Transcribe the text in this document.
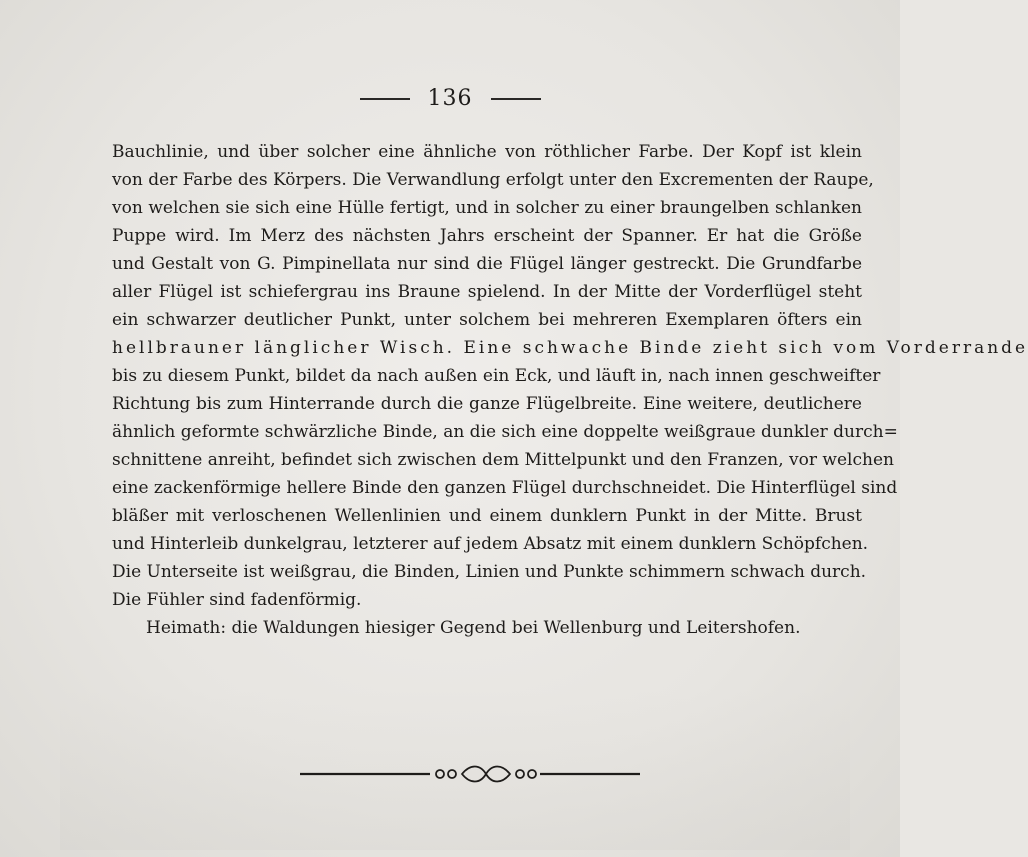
136
Bauchlinie, und über solcher eine ähnliche von röthlicher Farbe. Der Kopf ist klein
von der Farbe des Körpers. Die Verwandlung erfolgt unter den Excrementen der Raupe,
von welchen sie sich eine Hülle fertigt, und in solcher zu einer braungelben schlanken
Puppe wird. Im Merz des nächsten Jahrs erscheint der Spanner. Er hat die Größe
und Gestalt von G. Pimpinellata nur sind die Flügel länger gestreckt. Die Grundfarbe
aller Flügel ist schiefergrau ins Braune spielend. In der Mitte der Vorderflügel steht
ein schwarzer deutlicher Punkt, unter solchem bei mehreren Exemplaren öfters ein
hellbrauner länglicher Wisch. Eine schwache Binde zieht sich vom Vorderrande
bis zu diesem Punkt, bildet da nach außen ein Eck, und läuft in, nach innen geschweifter
Richtung bis zum Hinterrande durch die ganze Flügelbreite. Eine weitere, deutlichere
ähnlich geformte schwärzliche Binde, an die sich eine doppelte weißgraue dunkler durch=
schnittene anreiht, befindet sich zwischen dem Mittelpunkt und den Franzen, vor welchen
eine zackenförmige hellere Binde den ganzen Flügel durchschneidet. Die Hinterflügel sind
bläßer mit verloschenen Wellenlinien und einem dunklern Punkt in der Mitte. Brust
und Hinterleib dunkelgrau, letzterer auf jedem Absatz mit einem dunklern Schöpfchen.
Die Unterseite ist weißgrau, die Binden, Linien und Punkte schimmern schwach durch.
Die Fühler sind fadenförmig.
Heimath: die Waldungen hiesiger Gegend bei Wellenburg und Leitershofen.
